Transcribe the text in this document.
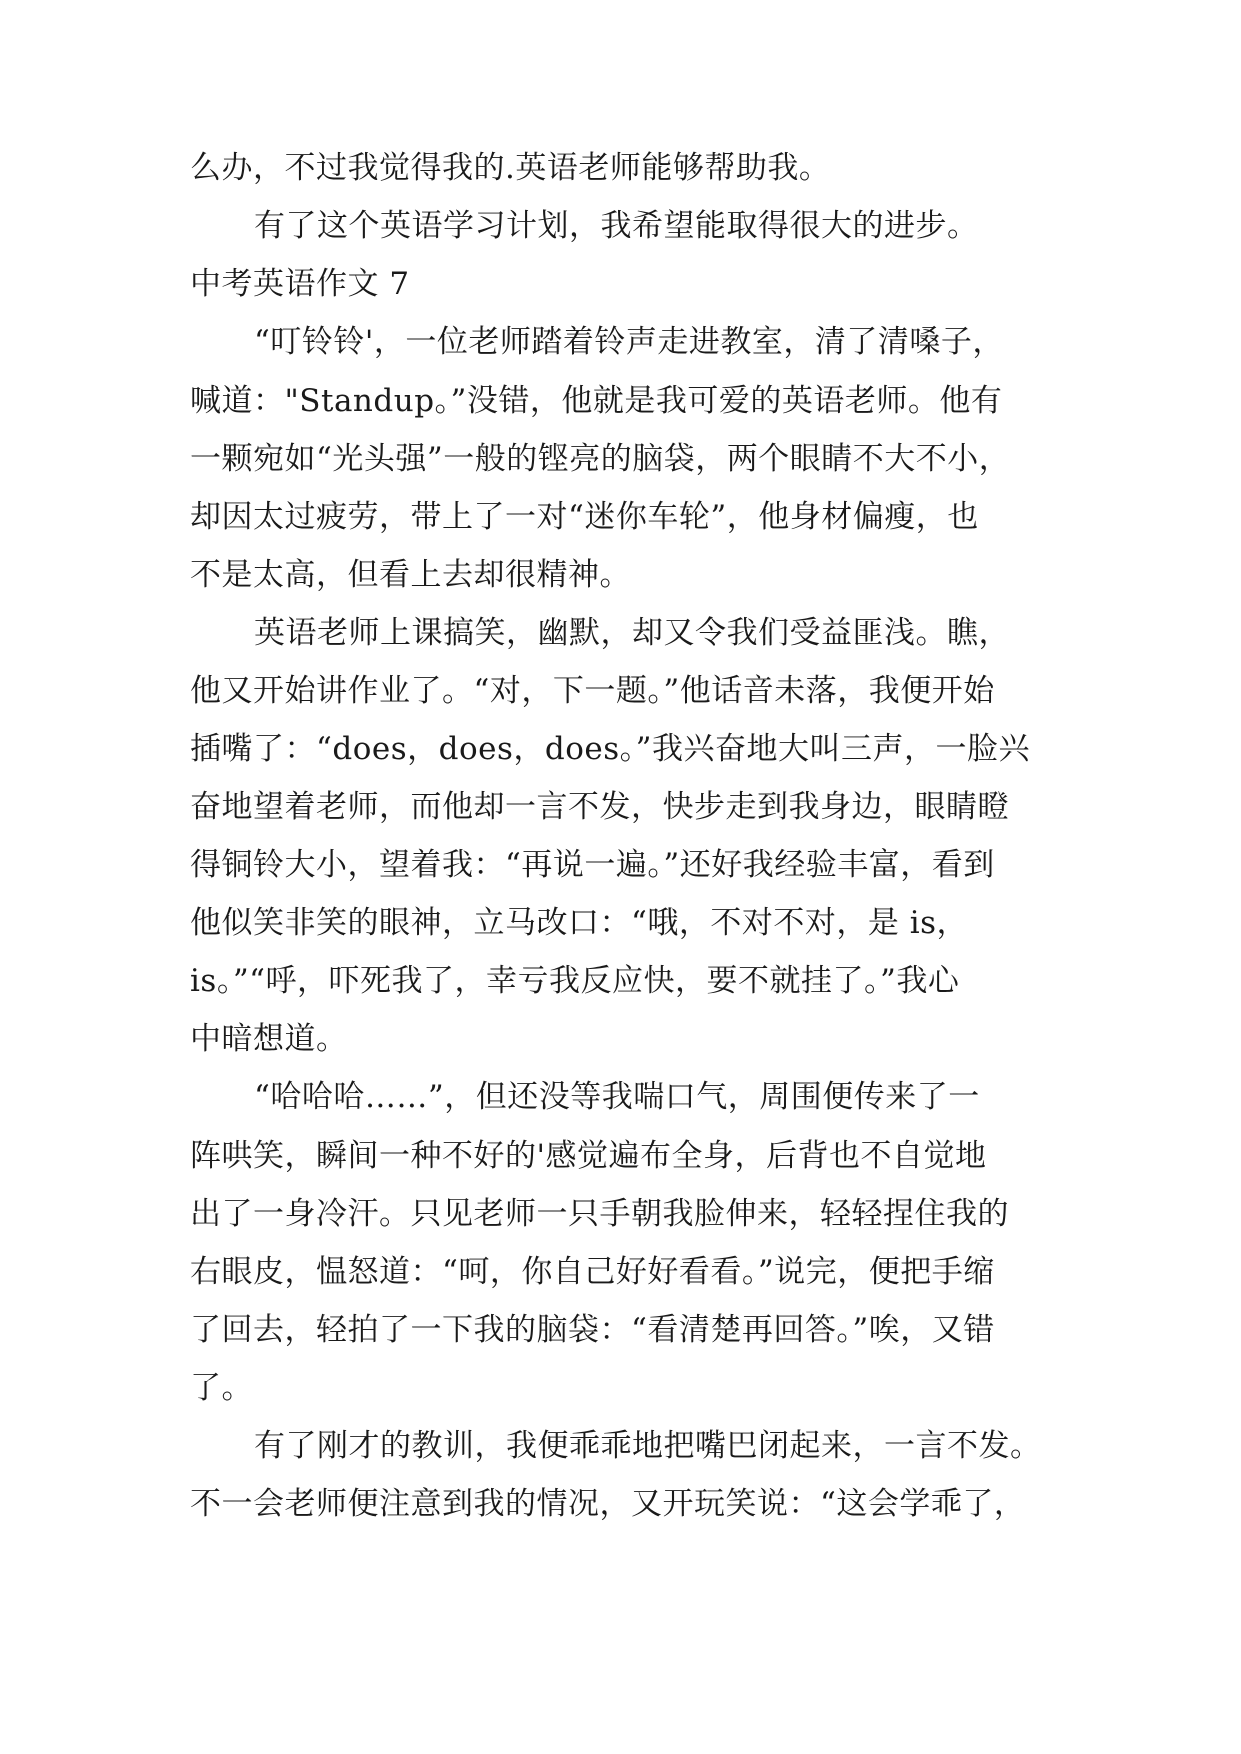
么办，不过我觉得我的.英语老师能够帮助我。
有了这个英语学习计划，我希望能取得很大的进步。
中考英语作文 7
“叮铃铃'，一位老师踏着铃声走进教室，清了清嗓子，
喊道："Standup。”没错，他就是我可爱的英语老师。他有
一颗宛如“光头强”一般的铿亮的脑袋，两个眼睛不大不小，
却因太过疲劳，带上了一对“迷你车轮”，他身材偏瘦，也
不是太高，但看上去却很精神。
英语老师上课搞笑，幽默，却又令我们受益匪浅。瞧，
他又开始讲作业了。“对，下一题。”他话音未落，我便开始
插嘴了：“does，does，does。”我兴奋地大叫三声，一脸兴
奋地望着老师，而他却一言不发，快步走到我身边，眼睛瞪
得铜铃大小，望着我：“再说一遍。”还好我经验丰富，看到
他似笑非笑的眼神，立马改口：“哦，不对不对，是 is，
is。”“呼，吓死我了，幸亏我反应快，要不就挂了。”我心
中暗想道。
“哈哈哈……”，但还没等我喘口气，周围便传来了一
阵哄笑，瞬间一种不好的'感觉遍布全身，后背也不自觉地
出了一身冷汗。只见老师一只手朝我脸伸来，轻轻捏住我的
右眼皮，愠怒道：“呵，你自己好好看看。”说完，便把手缩
了回去，轻拍了一下我的脑袋：“看清楚再回答。”唉，又错
了。
有了刚才的教训，我便乖乖地把嘴巴闭起来，一言不发。
不一会老师便注意到我的情况，又开玩笑说：“这会学乖了，
